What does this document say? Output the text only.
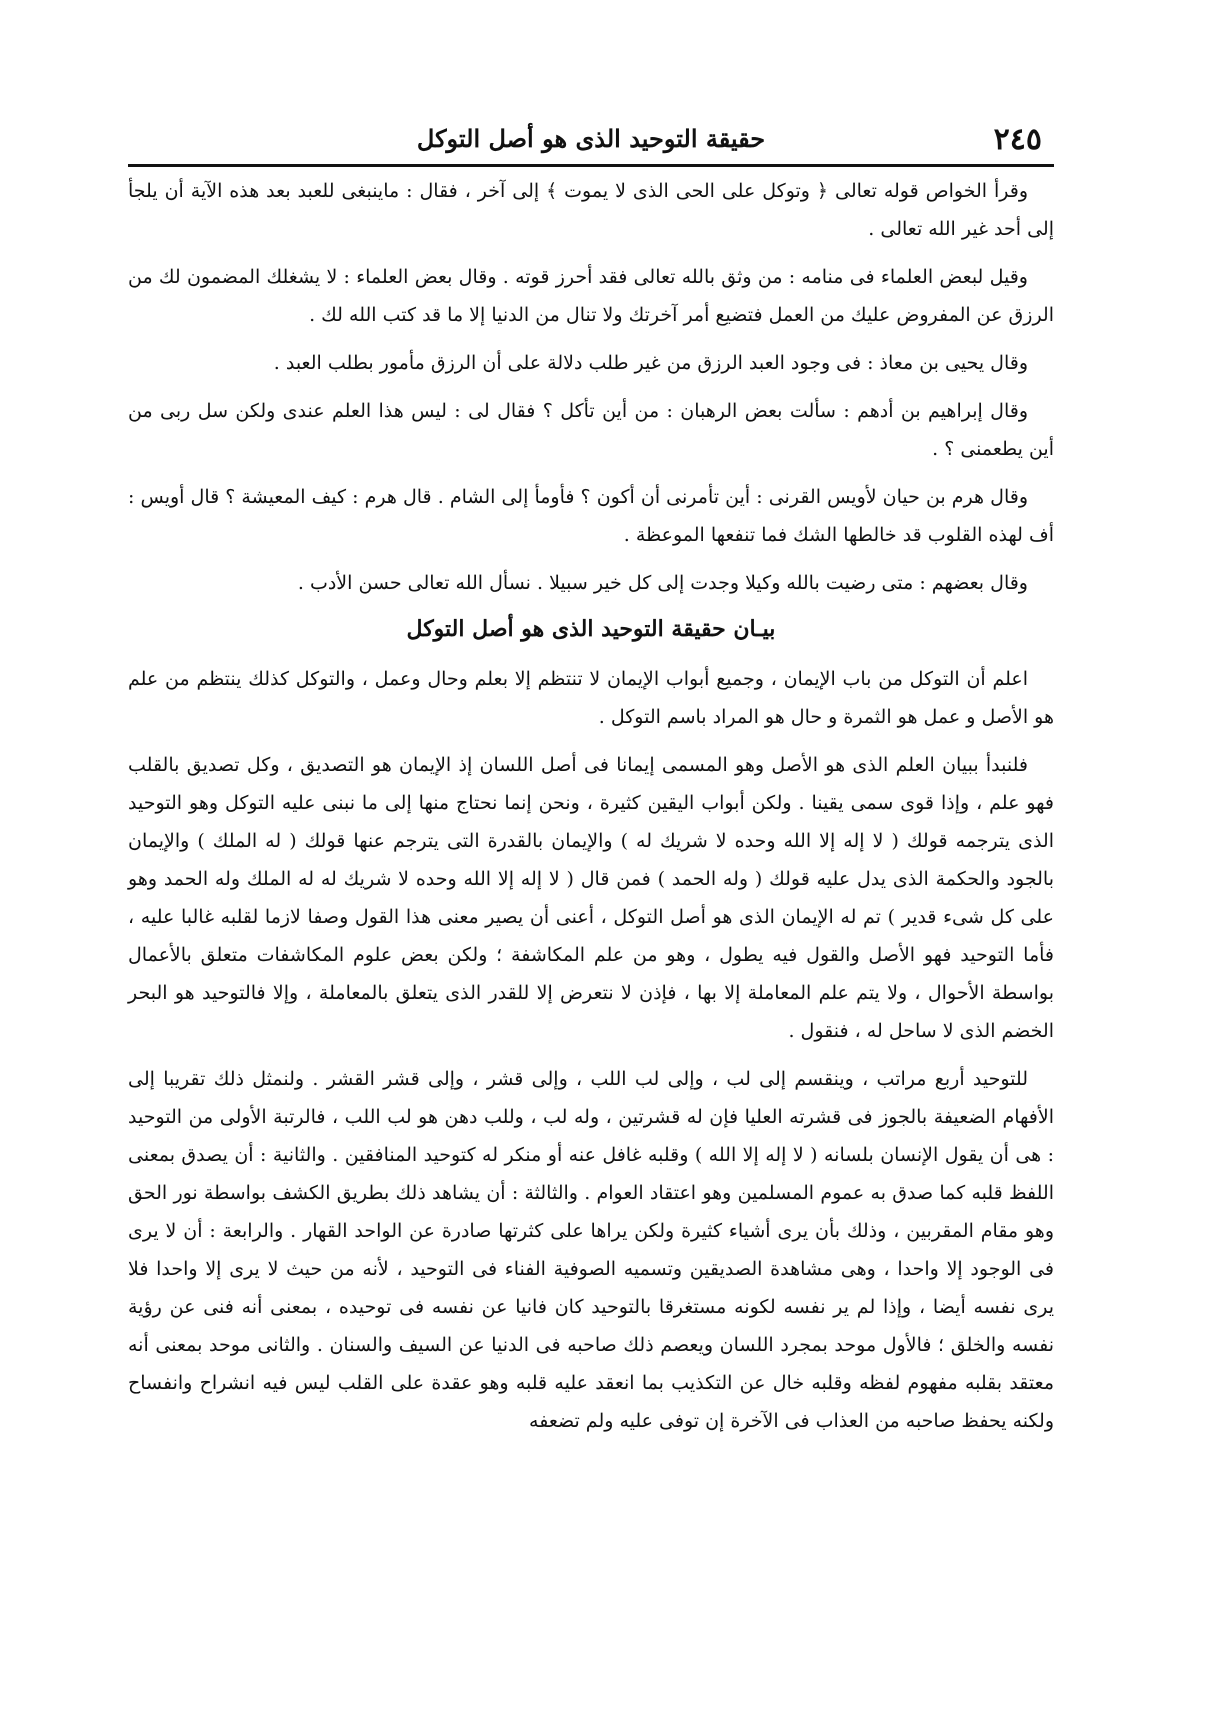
٢٤٥
حقيقة التوحيد الذى هو أصل التوكل

وقرأ الخواص قوله تعالى ﴿ وتوكل على الحى الذى لا يموت ﴾ إلى آخر ، فقال : ماينبغى للعبد بعد هذه الآية أن يلجأ إلى أحد غير الله تعالى .

وقيل لبعض العلماء فى منامه : من وثق بالله تعالى فقد أحرز قوته . وقال بعض العلماء : لا يشغلك المضمون لك من الرزق عن المفروض عليك من العمل فتضيع أمر آخرتك ولا تنال من الدنيا إلا ما قد كتب الله لك .

وقال يحيى بن معاذ : فى وجود العبد الرزق من غير طلب دلالة على أن الرزق مأمور بطلب العبد .

وقال إبراهيم بن أدهم : سألت بعض الرهبان : من أين تأكل ؟ فقال لى : ليس هذا العلم عندى ولكن سل ربى من أين يطعمنى ؟ .

وقال هرم بن حيان لأويس القرنى : أين تأمرنى أن أكون ؟ فأومأ إلى الشام . قال هرم : كيف المعيشة ؟ قال أويس : أف لهذه القلوب قد خالطها الشك فما تنفعها الموعظة .

وقال بعضهم : متى رضيت بالله وكيلا وجدت إلى كل خير سبيلا . نسأل الله تعالى حسن الأدب .

بيـان حقيقة التوحيد الذى هو أصل التوكل

اعلم أن التوكل من باب الإيمان ، وجميع أبواب الإيمان لا تنتظم إلا بعلم وحال وعمل ، والتوكل كذلك ينتظم من علم هو الأصل و عمل هو الثمرة و حال هو المراد باسم التوكل .

فلنبدأ ببيان العلم الذى هو الأصل وهو المسمى إيمانا فى أصل اللسان إذ الإيمان هو التصديق ، وكل تصديق بالقلب فهو علم ، وإذا قوى سمى يقينا . ولكن أبواب اليقين كثيرة ، ونحن إنما نحتاج منها إلى ما نبنى عليه التوكل وهو التوحيد الذى يترجمه قولك ( لا إله إلا الله وحده لا شريك له ) والإيمان بالقدرة التى يترجم عنها قولك ( له الملك ) والإيمان بالجود والحكمة الذى يدل عليه قولك ( وله الحمد ) فمن قال ( لا إله إلا الله وحده لا شريك له له الملك وله الحمد وهو على كل شىء قدير ) تم له الإيمان الذى هو أصل التوكل ، أعنى أن يصير معنى هذا القول وصفا لازما لقلبه غالبا عليه ، فأما التوحيد فهو الأصل والقول فيه يطول ، وهو من علم المكاشفة ؛ ولكن بعض علوم المكاشفات متعلق بالأعمال بواسطة الأحوال ، ولا يتم علم المعاملة إلا بها ، فإذن لا نتعرض إلا للقدر الذى يتعلق بالمعاملة ، وإلا فالتوحيد هو البحر الخضم الذى لا ساحل له ، فنقول .

للتوحيد أربع مراتب ، وينقسم إلى لب ، وإلى لب اللب ، وإلى قشر ، وإلى قشر القشر . ولنمثل ذلك تقريبا إلى الأفهام الضعيفة بالجوز فى قشرته العليا فإن له قشرتين ، وله لب ، وللب دهن هو لب اللب ، فالرتبة الأولى من التوحيد : هى أن يقول الإنسان بلسانه ( لا إله إلا الله ) وقلبه غافل عنه أو منكر له كتوحيد المنافقين . والثانية : أن يصدق بمعنى اللفظ قلبه كما صدق به عموم المسلمين وهو اعتقاد العوام . والثالثة : أن يشاهد ذلك بطريق الكشف بواسطة نور الحق وهو مقام المقربين ، وذلك بأن يرى أشياء كثيرة ولكن يراها على كثرتها صادرة عن الواحد القهار . والرابعة : أن لا يرى فى الوجود إلا واحدا ، وهى مشاهدة الصديقين وتسميه الصوفية الفناء فى التوحيد ، لأنه من حيث لا يرى إلا واحدا فلا يرى نفسه أيضا ، وإذا لم ير نفسه لكونه مستغرقا بالتوحيد كان فانيا عن نفسه فى توحيده ، بمعنى أنه فنى عن رؤية نفسه والخلق ؛ فالأول موحد بمجرد اللسان ويعصم ذلك صاحبه فى الدنيا عن السيف والسنان . والثانى موحد بمعنى أنه معتقد بقلبه مفهوم لفظه وقلبه خال عن التكذيب بما انعقد عليه قلبه وهو عقدة على القلب ليس فيه انشراح وانفساح ولكنه يحفظ صاحبه من العذاب فى الآخرة إن توفى عليه ولم تضعفه
